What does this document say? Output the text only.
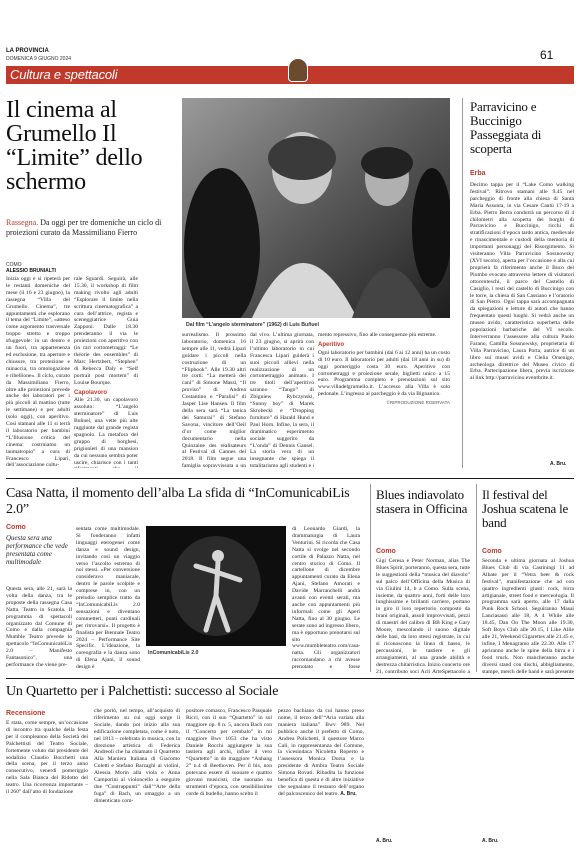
LA PROVINCIA
DOMENICA 9 GIUGNO 2024	61
Cultura e spettacoli
Il cinema al Grumello Il “Limite” dello schermo
Rassegna. Da oggi per tre domeniche un ciclo di proiezioni curato da Massimiliano Fierro
COMO
ALESSIO BRUNIALTI
Dal film “L’angelo sterminatore” (1962) di Luis Buñuel
Inizia oggi e si ripeterà per le restanti domeniche del mese (il 16 e 23 giugno), la rassegna “Villa del Grumello. Cinema”, tre appuntamenti che esplorano il tema del “Limite”, «atteso come argomento trasversale troppo stretto e troppo sfuggevole: in un dentro e un fuori, tra appartenenza ed esclusione, tra aperture e chiusure, tra protezione e minaccia, tra omologazione e ribellione». Il ciclo, curato da Massimiliano Fierro, oltre alle proiezioni prevede anche dei laboratori per i più piccoli al mattino (tutte le settimane) e per adulti (solo oggi), con aperitivo. Così stamani alle 11 si terrà il laboratorio per bambini “L’Illusione critica del cinema: costruiamo un taumatropio” a cura di Francesco Lipari, dell’associazione cultu-
rale Sguardi. Seguirà, alle 15.30, il workshop di film making rivolto agli adulti “Esplorare il limite nella scrittura cinematografica” a cura dell’attrice, regista e sceneggiatrice Guia Zapponi. Dalle 18.30 prenderanno il via le proiezioni con aperitivo con (in rari cortometraggi: “Le théorie des ensembles” di Marc Hertzbert, “Stephen” di Rebecca Daly e “Self portrait post mortem” di Louise Bourque.
Capolavoro
Alle 21.30, un capolavoro assoluto: “L’angelo sterminatore” di Luis Buñuel, una vette più alte raggiunte dal grande regista spagnolo. La metafora del gruppo di borghesi, prigionieri di una mansion da cui nessuno sembra poter uscire, chiarisce con i tanti
surrealismo. Il prossimo laboratorio, domenica 16 sempre alle 11, vedrà Lipari guidare i piccoli nella costruzione di un “Flipbook”. Alle 19.30 altri tre corti: “La metterà dei cani” di Simone Massi, “Il proviso” di Andrea Costantino e “Paralisi” di Jasper Lise Hansen. Il film della sera sarà “La tanica dei Samurai” di Stefano Savona, vincitore dell’Oeil d’or come miglior documentario nella Quinzaine des réalisateurs al Festival di Cannes del 2018. Il film segue una famiglia sopravvissuta a un
dal vivo. L’ultima giornata, il 23 giugno, si aprirà con l’ultimo laboratorio in cui Francesca Lipari guiderà i suoi piccoli allievi nella realizzazione di un cortometraggio animato. I tre titoli dell’aperitivo saranno “Tango” di Zbigniew Rybczynski, “Sunny boy” di Marek Skrobecki e “Dropping furniture” di Harald Hund e Paul Horn. Infine, la sera, il drammatico esperimento sociale suggerito da “L’onda” di Dennis Gansel. La storia vera di un insegnante che spiega il totalitarismo agli studenti e i
mento repressivo, fino alle conseguenze più estreme.
Aperitivo
Ogni laboratorio per bambini (dai 6 ai 12 anni) ha un costo di 10 euro. Il laboratorio per adulti (dai 18 anni in su) di oggi pomeriggio costa 30 euro. Aperitivo con cortometraggi e proiezione serale, biglietti unico a 15 euro. Programma completo e prenotazioni sul sito www.villadelgrumello.it. L’accesso alla Villa è solo pedonale. L’ingresso al parcheggio è da via Bignanico.
©RIPRODUZIONE RISERVATA
Parravicino e Buccinigo Passeggiata di scoperta
Erba
Decimo tappa per il “Lake Como walking festival”. Ritrovo stamani alle 9.45 nel parcheggio di fronte alla chiesa di Santa Maria Assunta, in via Cesare Cantù 17-19 a Erba. Pietro Berra condurrà un percorso di 4 chilometri alla scoperta dei borghi di Parravicino e Buccinigo, ricchi di stratificazioni d’epoca tardo antica, medievale e rinascimentale e custodi della memoria di importanti personaggi del Risorgimento. Si visiteranno Villa Parravicino Sossnowsky (XVI secolo), aperta per l’occasione e alla cui proprietà fa riferimento anche il Buco del Piombo evocato attraverso lettere di visitatori ottocenteschi, il parco del Castello di Casiglio, i resti del castello di Buccinigo con le torre, la chiesa di San Cassiano e l’oratorio di San Pietro. Ogni tappa sarà accompagnata da spiegazioni e letture di autori che hanno frequentato questi luoghi. Si vedrà anche un museo avido, caratteristica superbetta delle popolazioni barbariche del VI secolo. Interverranno l’assessore alla cultura Paolo Farano, Camilla Sossnowsky, proprietaria di Villa Parravicino, Laura Porta, autrice di un libro sui musei avidi e Clelia Orsenigo, archeologa direttrice del Museo civico di Erba. Partecipazione libera, previa iscrizione al link http://parravicino.eventbrite.it.
A. Bru.
Casa Natta, il momento dell’alba La sfida di “InComunicabiLis 2.0”
Como
Questa sera una performance che vede presentata come multimodale
Questa sera, alle 21, sarà la volta della danza, tra le proposte della rassegna Casa Natta. Teatro in Scatola. Il programma di spettacoli organizzato dal Comune di Como e dalla compagnia Mumble Teatro prevede lo spettacolo “InComunicabiLis 2.0 – Manifesto Fantasonico”, una performance che viene pre-
sentata come multimodale. Si fonderanno infatti linguaggi eterogenei come danza e sound design, invitando così un viaggio verso l’ascolto estremo di noi stessi. «Per conversione consideravo maniacale, dentro le parole scolpite e comprese in, con un preludio semplice tratto da “InComunicabiLis 2.0 sensazioni e diventano commetteri, punti cardinali per ritrovarsi». Il progetto è finalista per Biennale Teatro 2024 – Performance Site Specific. L’ideazione, la coreografia e la danza sono di Elena Ajani, il sound design è
InComunicabiLis 2.0
di Leonardo Giardi, la drammaturgia di Laura Venturini. Si ricorda che Casa Natta si svolge nel secondo cortile di Palazzo Natta, nel centro storico di Como. Il cartellone di dicembre appuntamenti curato da Elena Ajani, Stefano Amorati e Davide Marranchelli andrà avanti con eventi serali, ma anche con appuntamenti più informali come gli Aperi Natta, fino al 30 giugno. Le serate sono ad ingresso libero, ma è opportuno prenotarsi sul sito www.mumbleteatro.com/casa-natta. Gli organizzatori raccomandano a chi avesse prenotato e fosse
Blues indiavolato stasera in Officina
Como
Gigi Ceresa e Peter Norman, alias The Blues Spirit, porteranno, questa sera, tutte le suggestioni della “musica del diavolo” sul palco dell’Officina della Musica di via Giulini 14, b a Como. Sulla scena, insieme, da quattro anni, forti delle loro lunghissime e brillanti carriere, portano in giro il loro repertorio composto da brani originali, assoli improvvisati, pezzi di maestri del calibro di BB King e Gary Moore, mescolando il suono digitale delle basi, da loro stessi registrate, in cui si riconoscono la linea di basso, le percussioni, le tastiere e gli arrangiamenti, al una grande abilità e destrezza chitarristica. Inizio concerto ore 21, contributo soci Acli ArteSpettacolo a
Il festival del Joshua scatena le band
Como
Seconda e ultima giornata al Joshua Blues Club di via Castiningi 11 ad Albate per il “Vetra beer & rock festival”, manifestazione che ad con quattro ingredienti giusti: rock, birra artigianale, street food e merceologia. Il programma sarà aperto, alle 17 dalla Punk Rock School. Seguiranno Masai Lanciasassi alle 18, A 4 While alle 18.45, Dan On The Moon alle 19.30, Soft Boys Club alle 20.15, I Like Allie alle 21, Weekend Cigarettes alle 21.45 e, infine, I Menagramo alle 22.30. Alle 17 apriranno anche le spine della birra e i food truck. Non mancheranno anche diversi stand con dischi, abbigliamento, stampe, merch delle band e sarà presente
Un Quartetto per i Palchettisti: successo al Sociale
Recensione
È stata, come sempre, un’occasione di incontro tra qualche della festa per il compleanno della Società dei Palchettisti del Teatro Sociale, fortemente voluto dal presidente del sodalizio Claudio Bocchetti una della scena, per il terzo anno consecutivo, venerdì pomeriggio nella Sala Bianca del Ridotto del teatro. Una ricorrenza importante – il 260° dall’atto di fondazione
che portò, nel tempo, all’acquisto di riferimento su cui oggi sorge il Sociale, dando poi inizio alla sua edificazione completata, come è noto, nel 1813 – celebrata in musica, con la direzione artistica di Federica Andreoli che ha chiamato il Quartetto Alla Maniera Italiana di Giacomo Coletti e Stefano Barzaghi ai violini, Alessia Morin alla viola e Anna Camporini al violoncello a eseguire due “Contrappunti” dall’“Arte della fuga” di Bach, un omaggio a un dimenticato com-
positore comasco, Francesco Pasquale Ricci, con il suo “Quartetto” in sol maggiore op. 8 n. 5, ancora Bach con il “Concerto per cembalo” in mi maggiore Bwv 1053 che ha visto Daniele Rocchi aggiungere la sua tastiera agli archi, infine il vero “Quartetto” in do maggiore “Anhang 2” n.4 di Beethoven. Per il bis, non potevano essere di suonare e quattro giovani musicisti, che suonano su strumenti d’epoca, con sensibilissime corde di budello, hanno scelto il
pezzo bachiano da cui hanno preso nome, il terzo dell’“Aria variata alla maniera italiana” Bwv 989. Nel pubblico anche il prefetto di Como, Andrea Polichetti, il questore Marco Calì, in rappresentanza del Comune, la vicesindaca Nicoletta Roperto e l’assessora Monica Dorsa e la presidente di Ambra Teatro Sociale Simona Rovati. Ribadita la funzione benefica di questa e di altre iniziative che segnalano il restauro dell’organo del palcoscenico del teatro. A. Bru.
A. Bru.	A. Bru.
